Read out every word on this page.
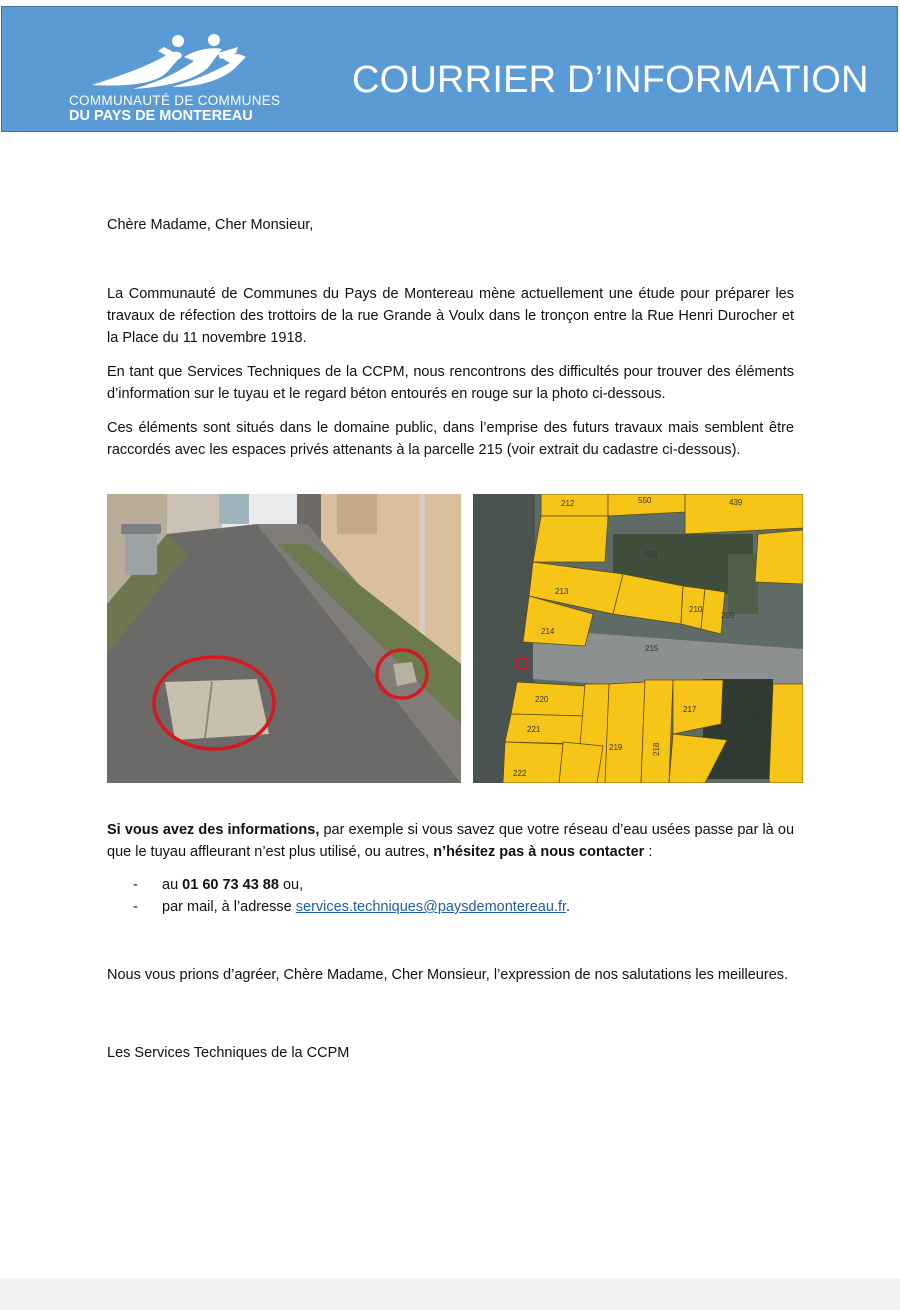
COMMUNAUTÉ DE COMMUNES
DU PAYS DE MONTEREAU
COURRIER D’INFORMATION

Chère Madame, Cher Monsieur,

La Communauté de Communes du Pays de Montereau mène actuellement une étude pour préparer les travaux de réfection des trottoirs de la rue Grande à Voulx dans le tronçon entre la Rue Henri Durocher et la Place du 11 novembre 1918.

En tant que Services Techniques de la CCPM, nous rencontrons des difficultés pour trouver des éléments d’information sur le tuyau et le regard béton entourés en rouge sur la photo ci-dessous.

Ces éléments sont situés dans le domaine public, dans l’emprise des futurs travaux mais semblent être raccordés avec les espaces privés attenants à la parcelle 215 (voir extrait du cadastre ci-dessous).

212	550	439
551
213
210
209
214
215
220
217
216
221
219	218
222

Si vous avez des informations, par exemple si vous savez que votre réseau d’eau usées passe par là ou que le tuyau affleurant n’est plus utilisé, ou autres, n’hésitez pas à nous contacter :

- au 01 60 73 43 88 ou,
- par mail, à l’adresse services.techniques@paysdemontereau.fr.

Nous vous prions d’agréer, Chère Madame, Cher Monsieur, l’expression de nos salutations les meilleures.

Les Services Techniques de la CCPM
